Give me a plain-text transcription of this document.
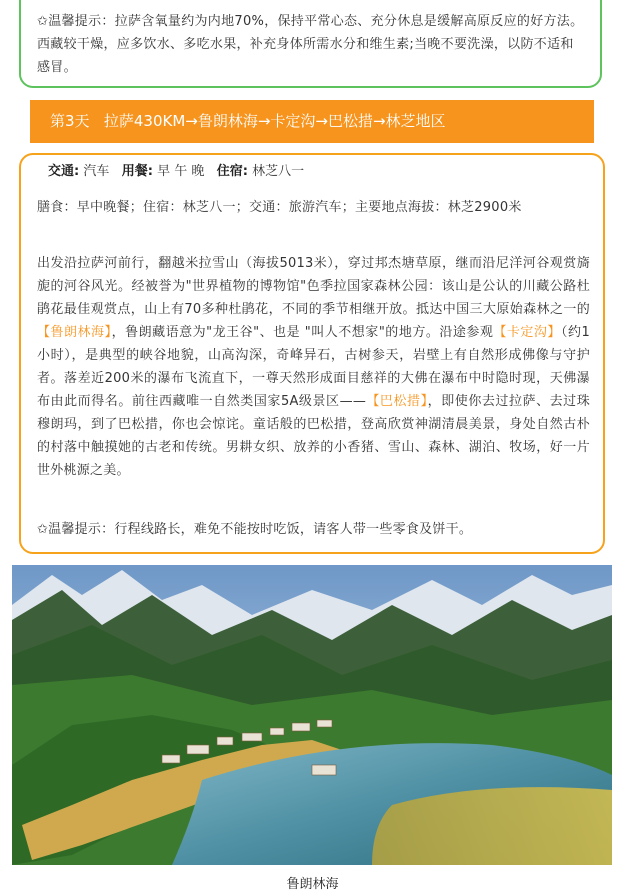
✩温馨提示：拉萨含氧量约为内地70%，保持平常心态、充分休息是缓解高原反应的好方法。西藏较干燥，应多饮水、多吃水果，补充身体所需水分和维生素;当晚不要洗澡，以防不适和感冒。
第3天 拉萨430KM→鲁朗林海→卡定沟→巴松措→林芝地区
交通: 汽车 用餐: 早 午 晚 住宿: 林芝八一
膳食：早中晚餐；住宿：林芝八一；交通：旅游汽车；主要地点海拔：林芝2900米
出发沿拉萨河前行，翻越米拉雪山（海拔5013米），穿过邦杰塘草原，继而沿尼洋河谷观赏旖旎的河谷风光。经被誉为"世界植物的博物馆"色季拉国家森林公园：该山是公认的川藏公路杜鹃花最佳观赏点，山上有70多种杜鹃花，不同的季节相继开放。抵达中国三大原始森林之一的【鲁朗林海】，鲁朗藏语意为"龙王谷"、也是 "叫人不想家"的地方。沿途参观【卡定沟】（约1小时），是典型的峡谷地貌，山高沟深，奇峰异石，古树参天，岩壁上有自然形成佛像与守护者。落差近200米的瀑布飞流直下，一尊天然形成面目慈祥的大佛在瀑布中时隐时现，天佛瀑布由此而得名。前往西藏唯一自然类国家5A级景区——【巴松措】，即使你去过拉萨、去过珠穆朗玛，到了巴松措，你也会惊诧。童话般的巴松措，登高欣赏神湖清晨美景，身处自然古朴的村落中触摸她的古老和传统。男耕女织、放养的小香猪、雪山、森林、湖泊、牧场，好一片世外桃源之美。
✩温馨提示：行程线路长，难免不能按时吃饭，请客人带一些零食及饼干。
鲁朗林海
